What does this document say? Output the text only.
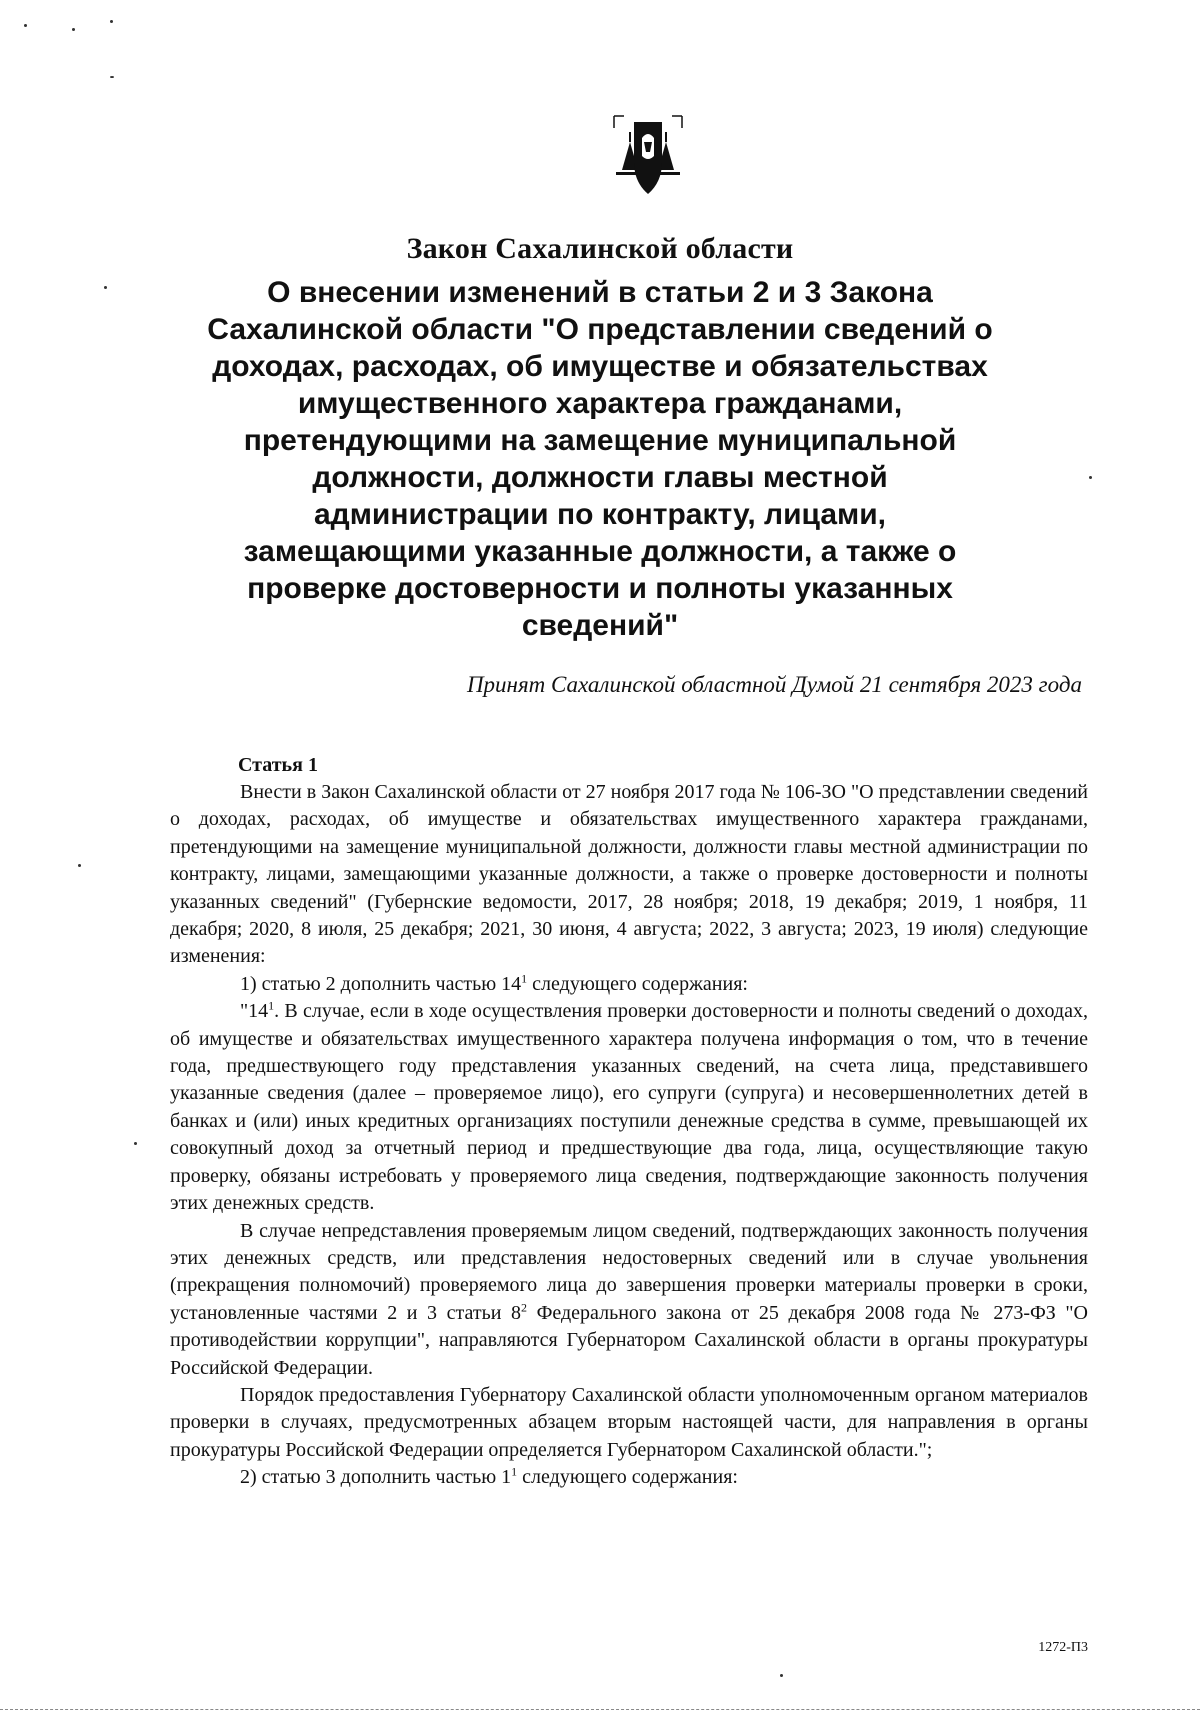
Закон Сахалинской области
О внесении изменений в статьи 2 и 3 Закона Сахалинской области "О представлении сведений о доходах, расходах, об имуществе и обязательствах имущественного характера гражданами, претендующими на замещение муниципальной должности, должности главы местной администрации по контракту, лицами, замещающими указанные должности, а также о проверке достоверности и полноты указанных сведений"
Принят Сахалинской областной Думой 21 сентября 2023 года
Статья 1

Внести в Закон Сахалинской области от 27 ноября 2017 года № 106-ЗО "О представлении сведений о доходах, расходах, об имуществе и обязательствах имущественного характера гражданами, претендующими на замещение муниципальной должности, должности главы местной администрации по контракту, лицами, замещающими указанные должности, а также о проверке достоверности и полноты указанных сведений" (Губернские ведомости, 2017, 28 ноября; 2018, 19 декабря; 2019, 1 ноября, 11 декабря; 2020, 8 июля, 25 декабря; 2021, 30 июня, 4 августа; 2022, 3 августа; 2023, 19 июля) следующие изменения:

1) статью 2 дополнить частью $14^1$ следующего содержания:

"$14^1$. В случае, если в ходе осуществления проверки достоверности и полноты сведений о доходах, об имуществе и обязательствах имущественного характера получена информация о том, что в течение года, предшествующего году представления указанных сведений, на счета лица, представившего указанные сведения (далее – проверяемое лицо), его супруги (супруга) и несовершеннолетних детей в банках и (или) иных кредитных организациях поступили денежные средства в сумме, превышающей их совокупный доход за отчетный период и предшествующие два года, лица, осуществляющие такую проверку, обязаны истребовать у проверяемого лица сведения, подтверждающие законность получения этих денежных средств.

В случае непредставления проверяемым лицом сведений, подтверждающих законность получения этих денежных средств, или представления недостоверных сведений или в случае увольнения (прекращения полномочий) проверяемого лица до завершения проверки материалы проверки в сроки, установленные частями 2 и 3 статьи $8^2$ Федерального закона от 25 декабря 2008 года № 273-ФЗ "О противодействии коррупции", направляются Губернатором Сахалинской области в органы прокуратуры Российской Федерации.

Порядок предоставления Губернатору Сахалинской области уполномоченным органом материалов проверки в случаях, предусмотренных абзацем вторым настоящей части, для направления в органы прокуратуры Российской Федерации определяется Губернатором Сахалинской области.";

2) статью 3 дополнить частью $1^1$ следующего содержания:

1272-П3
